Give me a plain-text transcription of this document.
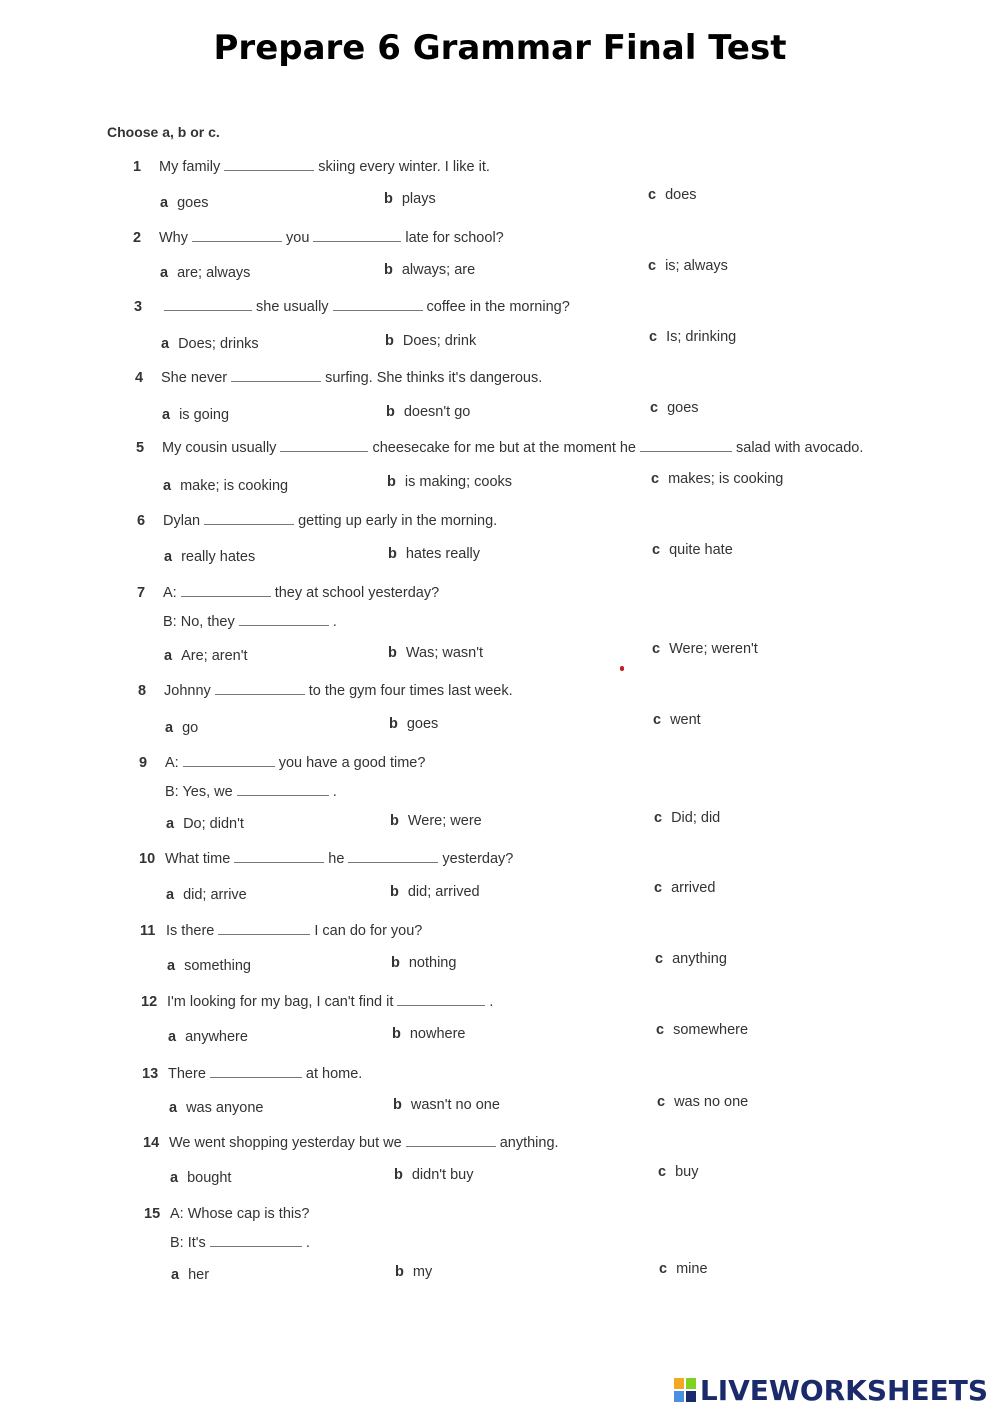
Prepare 6 Grammar Final Test
Choose a, b or c.
1 My family	skiing every winter. I like it.
a goes	b plays	c does
2 Why	you	late for school?
a are; always	b always; are	c is; always
3	she usually	coffee in the morning?
a Does; drinks	b Does; drink	c Is; drinking
4 She never	surfing. She thinks it's dangerous.
a is going	b doesn't go	c goes
5 My cousin usually	cheesecake for me but at the moment he	salad with avocado.
a make; is cooking	b is making; cooks	c makes; is cooking
6 Dylan	getting up early in the morning.
a really hates	b hates really	c quite hate
7 A:	they at school yesterday?
B: No, they	.
a Are; aren't	b Was; wasn't	c Were; weren't
8 Johnny	to the gym four times last week.
a go	b goes	c went
9 A:	you have a good time?
B: Yes, we	.
a Do; didn't	b Were; were	c Did; did
10 What time	he	yesterday?
a did; arrive	b did; arrived	c arrived
11 Is there	I can do for you?
a something	b nothing	c anything
12 I'm looking for my bag, I can't find it	.
a anywhere	b nowhere	c somewhere
13 There	at home.
a was anyone	b wasn't no one	c was no one
14 We went shopping yesterday but we	anything.
a bought	b didn't buy	c buy
15 A: Whose cap is this?
B: It's	.
a her	b my	c mine
LIVEWORKSHEETS
